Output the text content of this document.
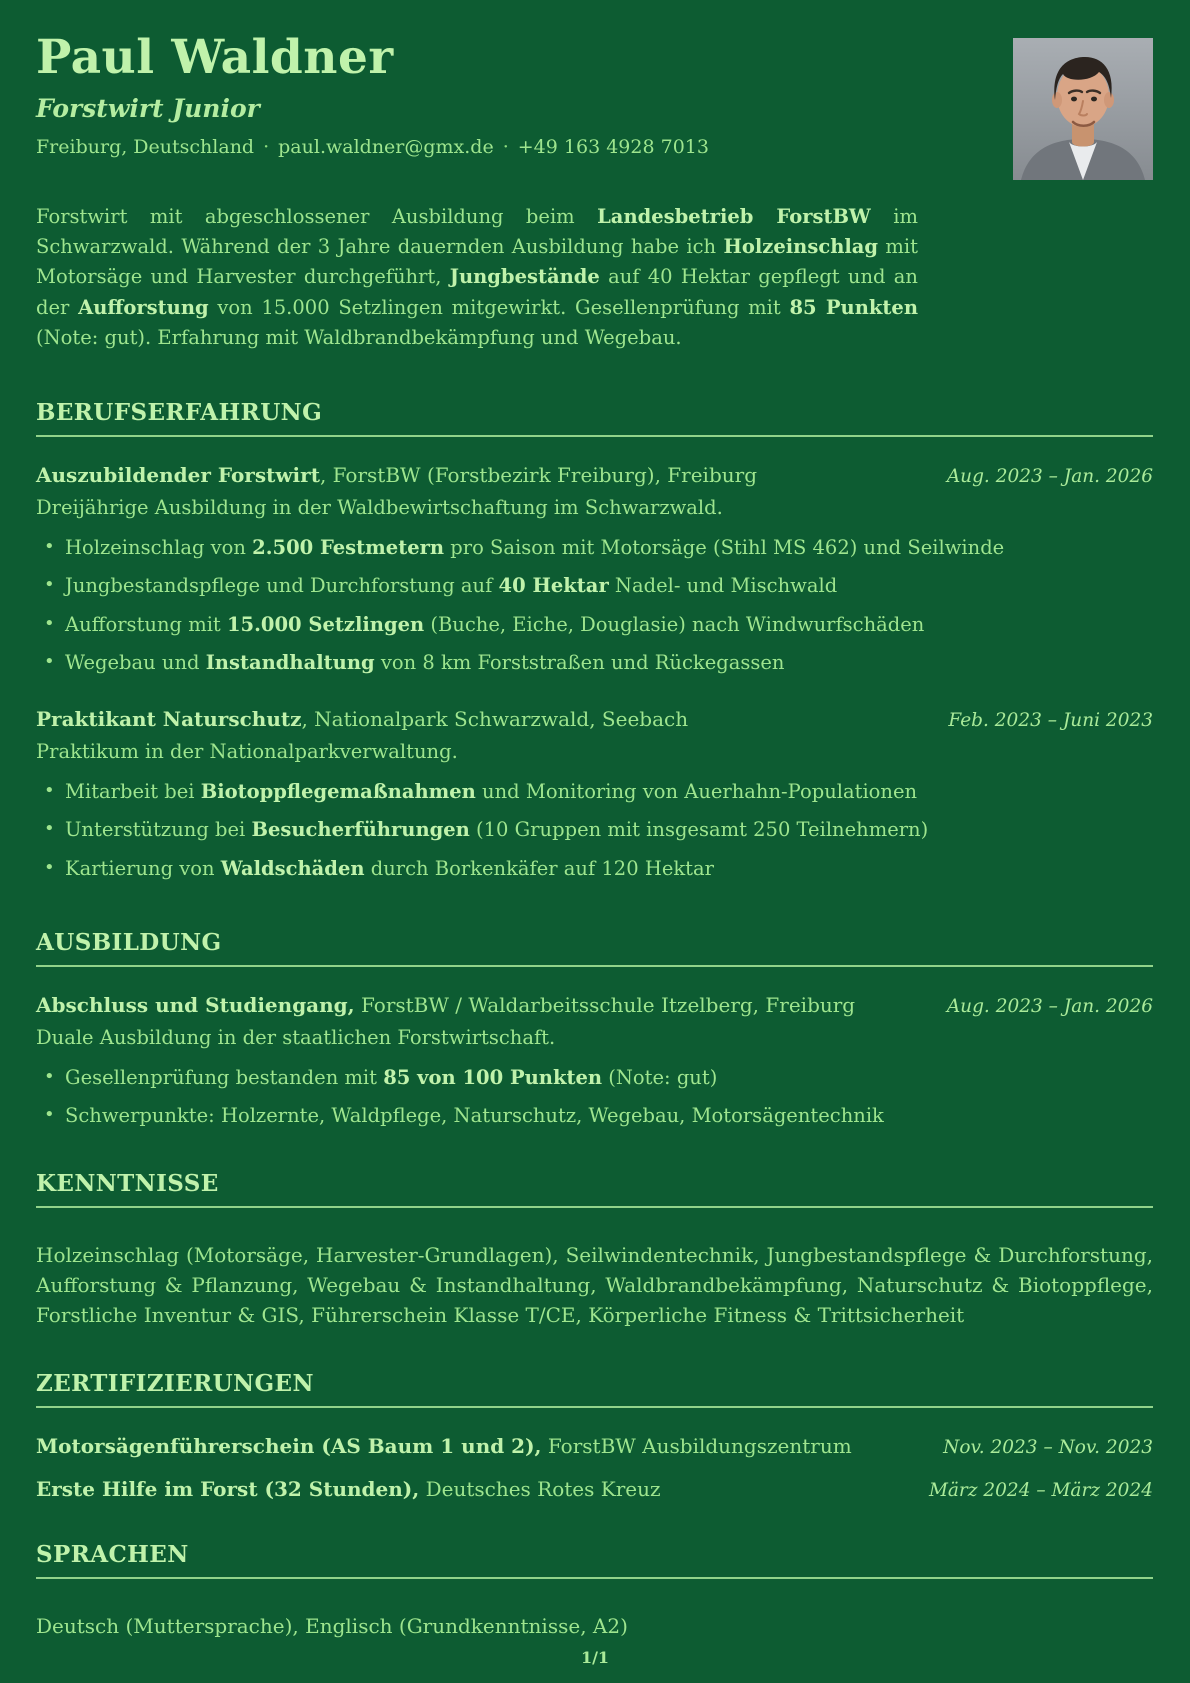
Paul Waldner

Forstwirt Junior

Freiburg, Deutschland · paul.waldner@gmx.de · +49 163 4928 7013

Forstwirt mit abgeschlossener Ausbildung beim Landesbetrieb ForstBW im Schwarzwald. Während der 3 Jahre dauernden Ausbildung habe ich Holzeinschlag mit Motorsäge und Harvester durchgeführt, Jungbestände auf 40 Hektar gepflegt und an der Aufforstung von 15.000 Setzlingen mitgewirkt. Gesellenprüfung mit 85 Punkten (Note: gut). Erfahrung mit Waldbrandbekämpfung und Wegebau.

BERUFSERFAHRUNG
Auszubildender Forstwirt, ForstBW (Forstbezirk Freiburg), Freiburg	Aug. 2023 – Jan. 2026
Dreijährige Ausbildung in der Waldbewirtschaftung im Schwarzwald.
• Holzeinschlag von 2.500 Festmetern pro Saison mit Motorsäge (Stihl MS 462) und Seilwinde
• Jungbestandspflege und Durchforstung auf 40 Hektar Nadel- und Mischwald
• Aufforstung mit 15.000 Setzlingen (Buche, Eiche, Douglasie) nach Windwurfschäden
• Wegebau und Instandhaltung von 8 km Forststraßen und Rückegassen
Praktikant Naturschutz, Nationalpark Schwarzwald, Seebach	Feb. 2023 – Juni 2023
Praktikum in der Nationalparkverwaltung.
• Mitarbeit bei Biotoppflegemaßnahmen und Monitoring von Auerhahn-Populationen
• Unterstützung bei Besucherführungen (10 Gruppen mit insgesamt 250 Teilnehmern)
• Kartierung von Waldschäden durch Borkenkäfer auf 120 Hektar
AUSBILDUNG
Abschluss und Studiengang, ForstBW / Waldarbeitsschule Itzelberg, Freiburg	Aug. 2023 – Jan. 2026
Duale Ausbildung in der staatlichen Forstwirtschaft.
• Gesellenprüfung bestanden mit 85 von 100 Punkten (Note: gut)
• Schwerpunkte: Holzernte, Waldpflege, Naturschutz, Wegebau, Motorsägentechnik
KENNTNISSE

Holzeinschlag (Motorsäge, Harvester-Grundlagen), Seilwindentechnik, Jungbestandspflege & Durchforstung, Aufforstung & Pflanzung, Wegebau & Instandhaltung, Waldbrandbekämpfung, Naturschutz & Biotoppflege, Forstliche Inventur & GIS, Führerschein Klasse T/CE, Körperliche Fitness & Trittsicherheit

ZERTIFIZIERUNGEN
Motorsägenführerschein (AS Baum 1 und 2), ForstBW Ausbildungszentrum	Nov. 2023 – Nov. 2023
Erste Hilfe im Forst (32 Stunden), Deutsches Rotes Kreuz	März 2024 – März 2024
SPRACHEN

Deutsch (Muttersprache), Englisch (Grundkenntnisse, A2)

1/1
